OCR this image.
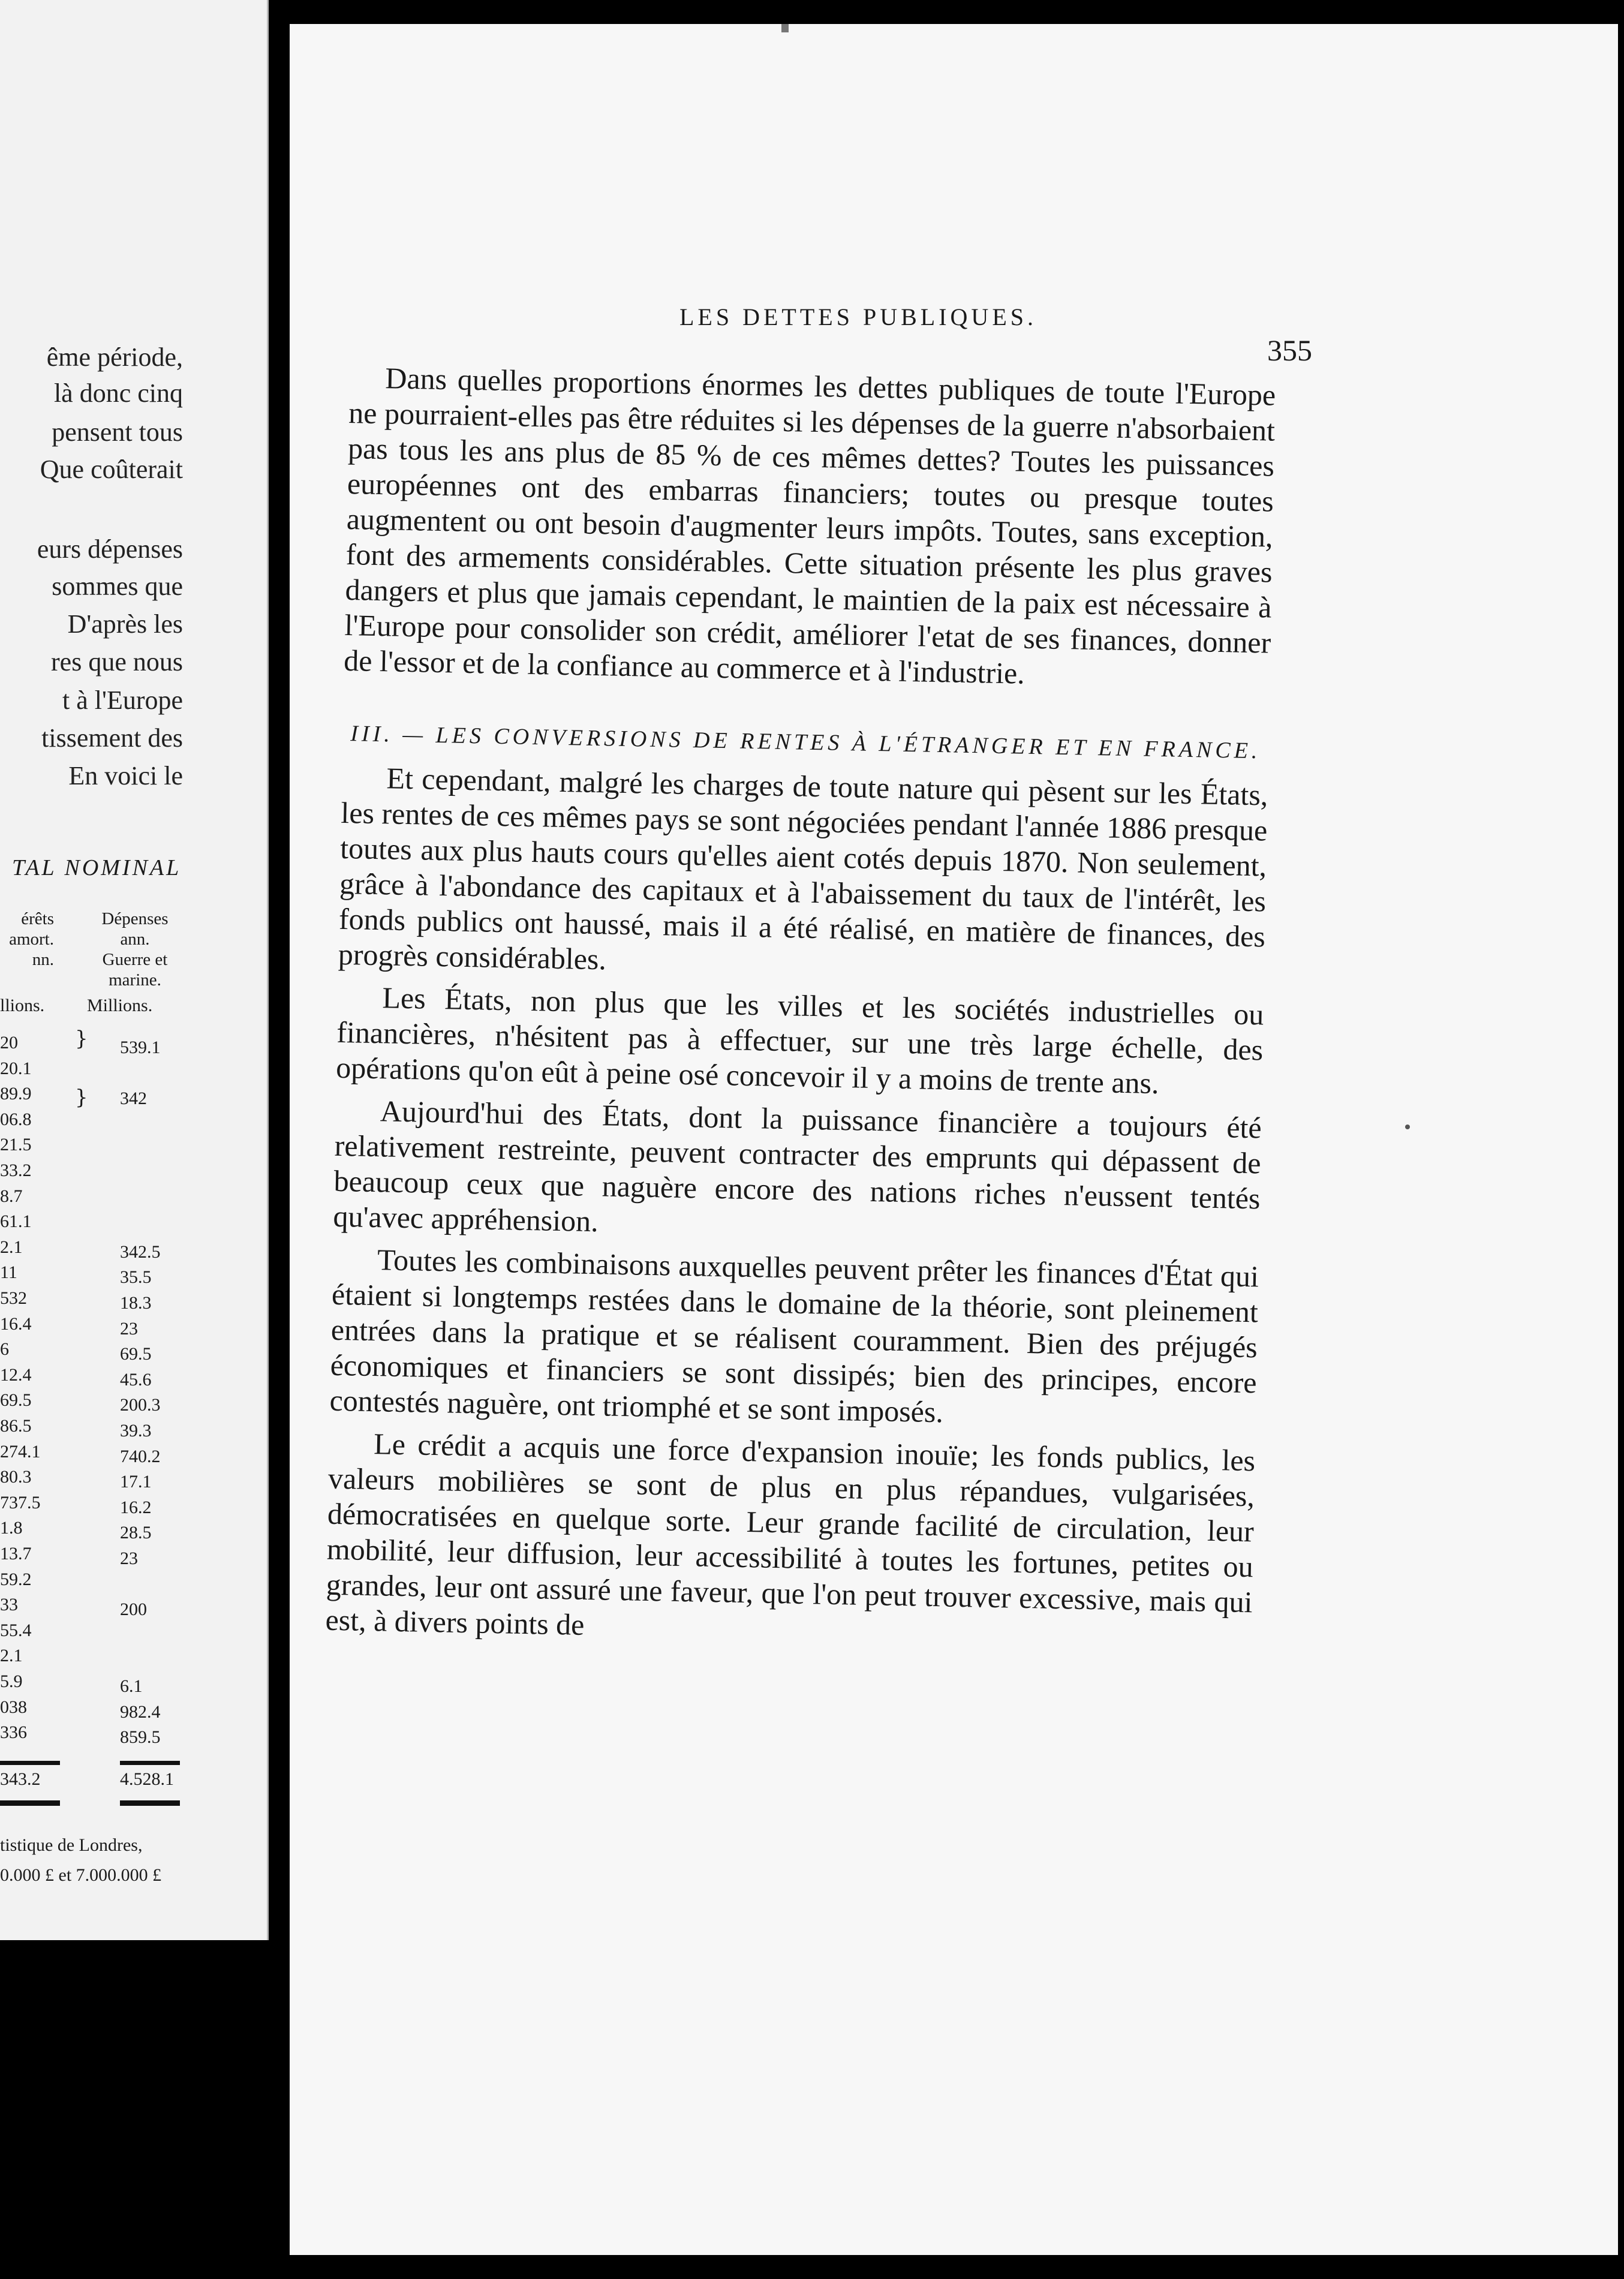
ême période,
là donc cinq
pensent tous
Que coûterait
eurs dépenses
sommes que
D'après les
res que nous
t à l'Europe
tissement des
En voici le
TAL NOMINAL
érêts
amort.
nn.
Dépenses
ann.
Guerre et
marine.
llions. Millions.
20
20.1
89.9
06.8
21.5
33.2
8.7
61.1
2.1
11
532
16.4
6
12.4
69.5
86.5
274.1
80.3
737.5
1.8
13.7
59.2
33
55.4
2.1
5.9
038
336
539.1
342
342.5
35.5
18.3
23
69.5
45.6
200.3
39.3
740.2
17.1
16.2
28.5
23
200
6.1
982.4
859.5
}
}
343.2	4.528.1
tistique de Londres,
0.000 £ et 7.000.000 £
LES DETTES PUBLIQUES.
355

Dans quelles proportions énormes les dettes publiques de toute l'Europe ne pourraient-elles pas être réduites si les dépenses de la guerre n'absorbaient pas tous les ans plus de 85 % de ces mêmes dettes? Toutes les puissances européennes ont des embarras financiers; toutes ou presque toutes augmentent ou ont besoin d'augmenter leurs impôts. Toutes, sans exception, font des armements considérables. Cette situation présente les plus graves dangers et plus que jamais cependant, le maintien de la paix est nécessaire à l'Europe pour consolider son crédit, améliorer l'etat de ses finances, donner de l'essor et de la confiance au commerce et à l'industrie.

III. — LES CONVERSIONS DE RENTES À L'ÉTRANGER ET EN FRANCE.

Et cependant, malgré les charges de toute nature qui pèsent sur les États, les rentes de ces mêmes pays se sont négociées pendant l'année 1886 presque toutes aux plus hauts cours qu'elles aient cotés depuis 1870. Non seulement, grâce à l'abondance des capitaux et à l'abaissement du taux de l'intérêt, les fonds publics ont haussé, mais il a été réalisé, en matière de finances, des progrès considérables.

Les États, non plus que les villes et les sociétés industrielles ou financières, n'hésitent pas à effectuer, sur une très large échelle, des opérations qu'on eût à peine osé concevoir il y a moins de trente ans.

Aujourd'hui des États, dont la puissance financière a toujours été relativement restreinte, peuvent contracter des emprunts qui dépassent de beaucoup ceux que naguère encore des nations riches n'eussent tentés qu'avec appréhension.

Toutes les combinaisons auxquelles peuvent prêter les finances d'État qui étaient si longtemps restées dans le domaine de la théorie, sont pleinement entrées dans la pratique et se réalisent couramment. Bien des préjugés économiques et financiers se sont dissipés; bien des principes, encore contestés naguère, ont triomphé et se sont imposés.

Le crédit a acquis une force d'expansion inouïe; les fonds publics, les valeurs mobilières se sont de plus en plus répandues, vulgarisées, démocratisées en quelque sorte. Leur grande facilité de circulation, leur mobilité, leur diffusion, leur accessibilité à toutes les fortunes, petites ou grandes, leur ont assuré une faveur, que l'on peut trouver excessive, mais qui est, à divers points de
